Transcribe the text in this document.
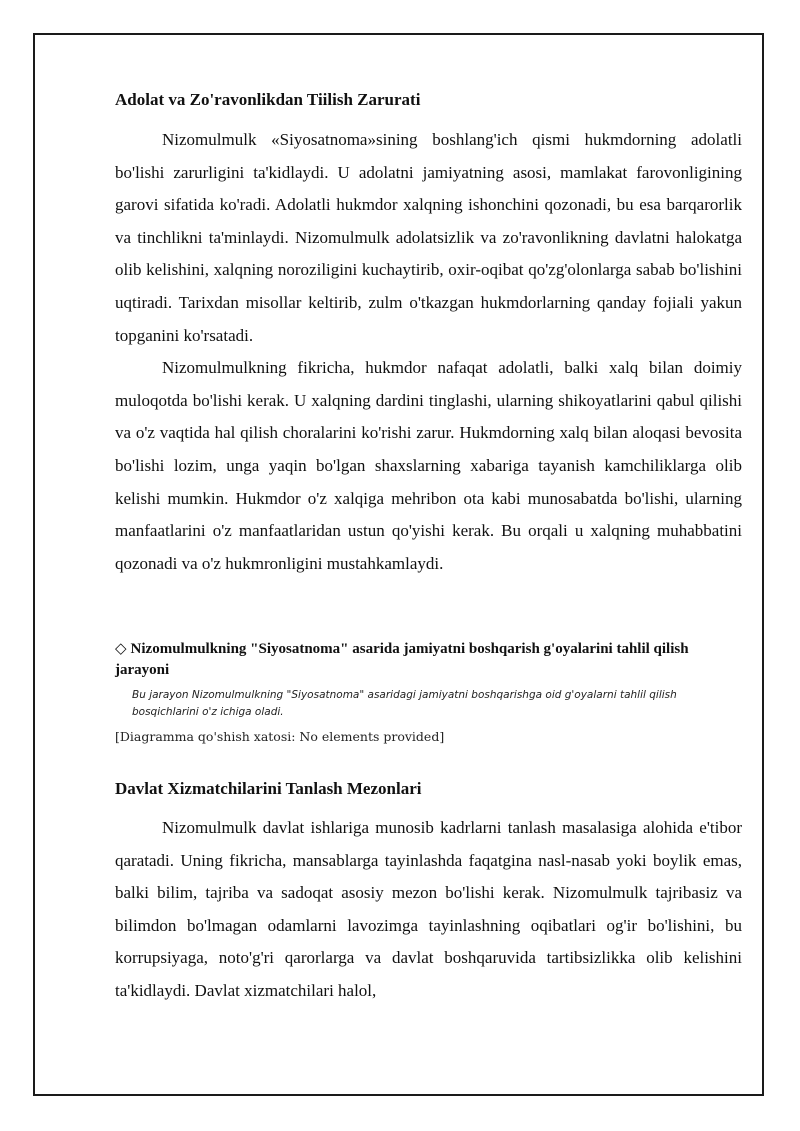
Adolat va Zo'ravonlikdan Tiilish Zarurati

Nizomulmulk «Siyosatnoma»sining boshlang'ich qismi hukmdorning adolatli bo'lishi zarurligini ta'kidlaydi. U adolatni jamiyatning asosi, mamlakat farovonligining garovi sifatida ko'radi. Adolatli hukmdor xalqning ishonchini qozonadi, bu esa barqarorlik va tinchlikni ta'minlaydi. Nizomulmulk adolatsizlik va zo'ravonlikning davlatni halokatga olib kelishini, xalqning noroziligini kuchaytirib, oxir-oqibat qo'zg'olonlarga sabab bo'lishini uqtiradi. Tarixdan misollar keltirib, zulm o'tkazgan hukmdorlarning qanday fojiali yakun topganini ko'rsatadi.

Nizomulmulkning fikricha, hukmdor nafaqat adolatli, balki xalq bilan doimiy muloqotda bo'lishi kerak. U xalqning dardini tinglashi, ularning shikoyatlarini qabul qilishi va o'z vaqtida hal qilish choralarini ko'rishi zarur. Hukmdorning xalq bilan aloqasi bevosita bo'lishi lozim, unga yaqin bo'lgan shaxslarning xabariga tayanish kamchiliklarga olib kelishi mumkin. Hukmdor o'z xalqiga mehribon ota kabi munosabatda bo'lishi, ularning manfaatlarini o'z manfaatlaridan ustun qo'yishi kerak. Bu orqali u xalqning muhabbatini qozonadi va o'z hukmronligini mustahkamlaydi.

◇ Nizomulmulkning "Siyosatnoma" asarida jamiyatni boshqarish g'oyalarini tahlil qilish jarayoni

Bu jarayon Nizomulmulkning "Siyosatnoma" asaridagi jamiyatni boshqarishga oid g'oyalarni tahlil qilish bosqichlarini o'z ichiga oladi.

[Diagramma qo'shish xatosi: No elements provided]

Davlat Xizmatchilarini Tanlash Mezonlari

Nizomulmulk davlat ishlariga munosib kadrlarni tanlash masalasiga alohida e'tibor qaratadi. Uning fikricha, mansablarga tayinlashda faqatgina nasl-nasab yoki boylik emas, balki bilim, tajriba va sadoqat asosiy mezon bo'lishi kerak. Nizomulmulk tajribasiz va bilimdon bo'lmagan odamlarni lavozimga tayinlashning oqibatlari og'ir bo'lishini, bu korrupsiyaga, noto'g'ri qarorlarga va davlat boshqaruvida tartibsizlikka olib kelishini ta'kidlaydi. Davlat xizmatchilari halol,
